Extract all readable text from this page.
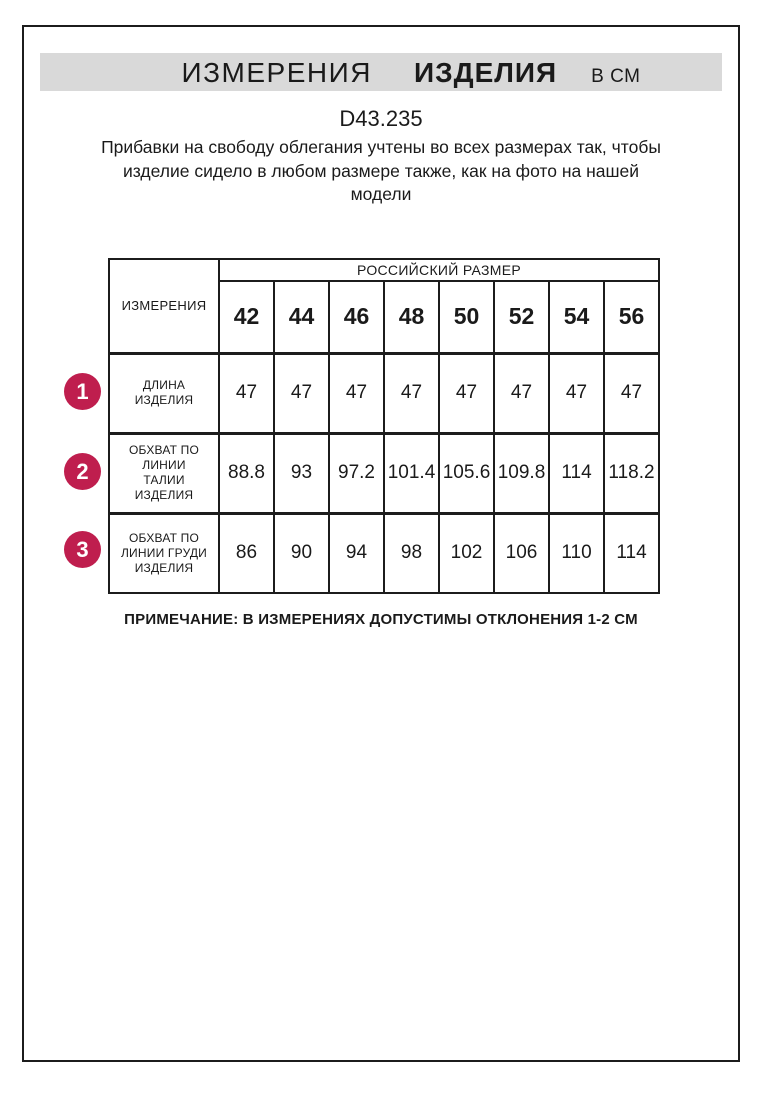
ИЗМЕРЕНИЯ ИЗДЕЛИЯ В СМ
D43.235
Прибавки на свободу облегания учтены во всех размерах так, чтобы изделие сидело в любом размере также, как на фото на нашей модели
1
2
3
ИЗМЕРЕНИЯ	РОССИЙСКИЙ РАЗМЕР							
	42	44	46	48	50	52	54	56
ДЛИНА ИЗДЕЛИЯ	47	47	47	47	47	47	47	47
ОБХВАТ ПО ЛИНИИ ТАЛИИ ИЗДЕЛИЯ	88.8	93	97.2	101.4	105.6	109.8	114	118.2
ОБХВАТ ПО ЛИНИИ ГРУДИ ИЗДЕЛИЯ	86	90	94	98	102	106	110	114
ПРИМЕЧАНИЕ: В ИЗМЕРЕНИЯХ ДОПУСТИМЫ ОТКЛОНЕНИЯ 1-2 СМ
